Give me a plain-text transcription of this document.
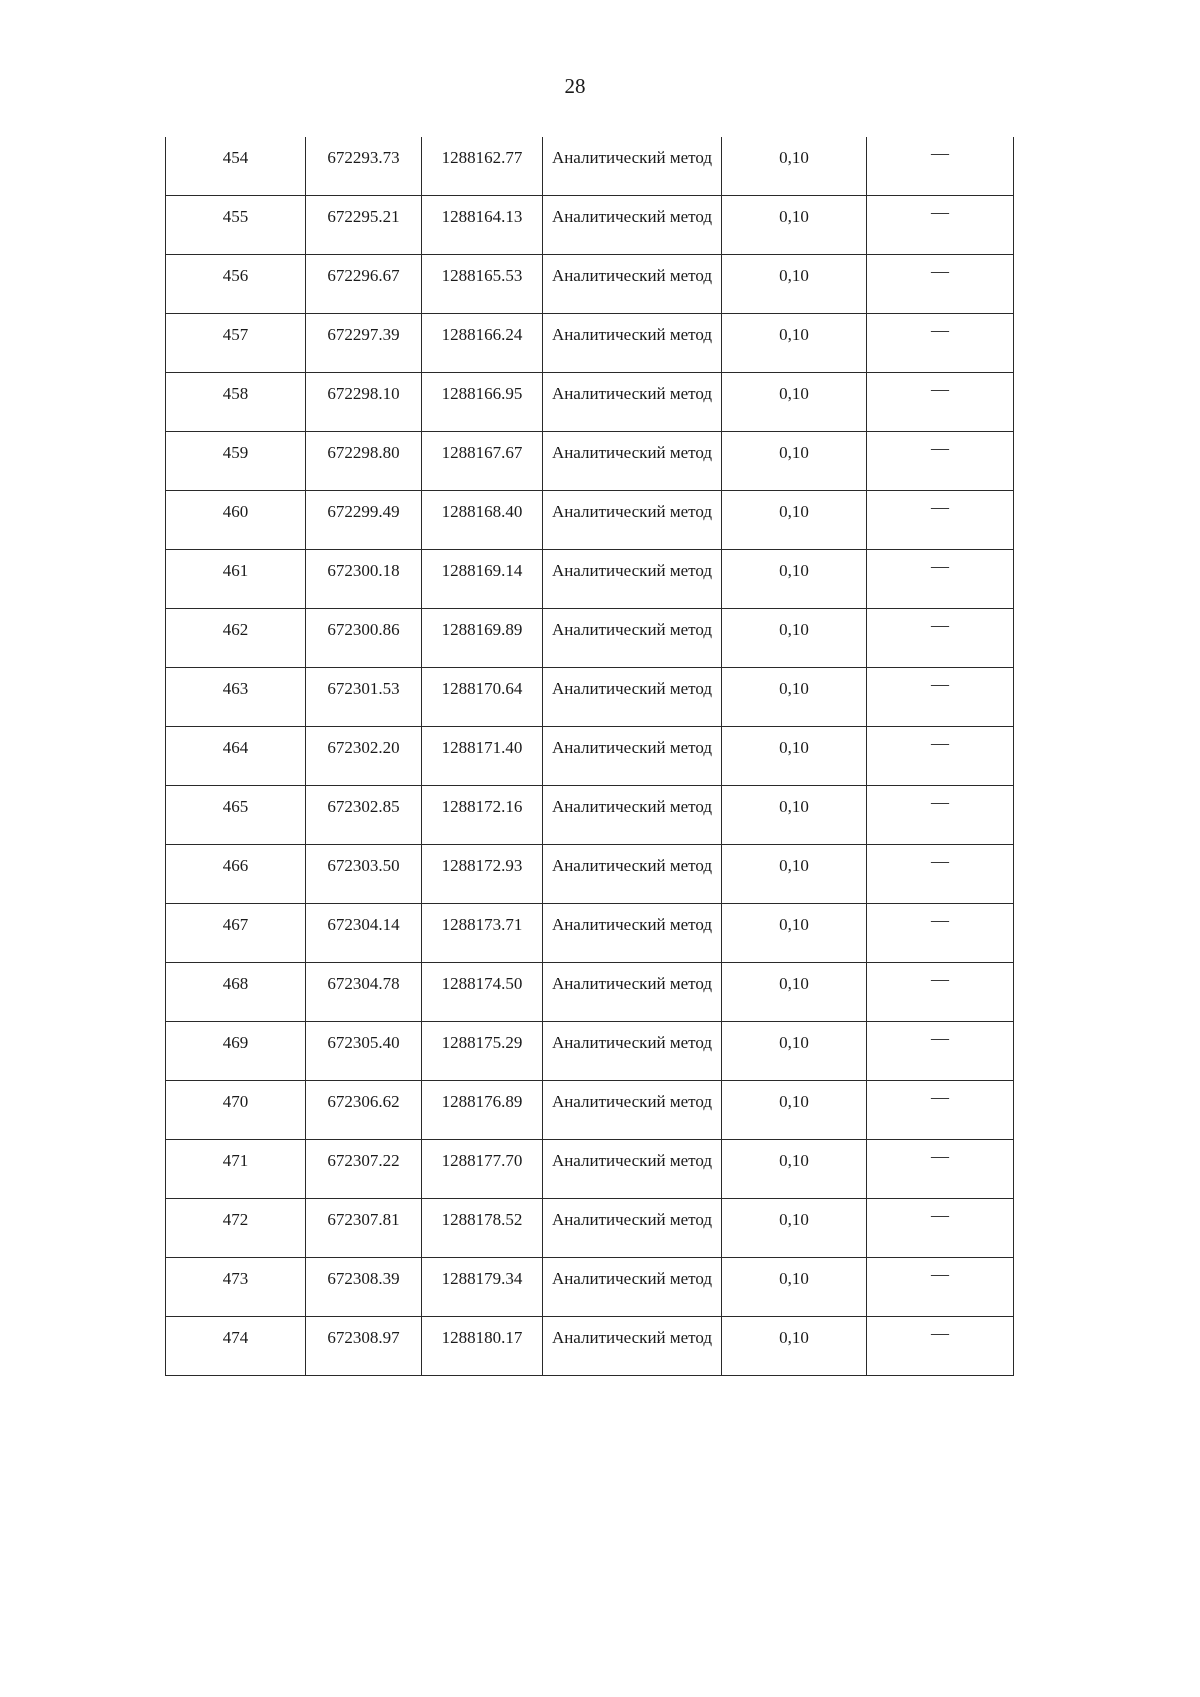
28
454	672293.73	1288162.77	Аналитический метод	0,10	—

455	672295.21	1288164.13	Аналитический метод	0,10	—

456	672296.67	1288165.53	Аналитический метод	0,10	—

457	672297.39	1288166.24	Аналитический метод	0,10	—

458	672298.10	1288166.95	Аналитический метод	0,10	—

459	672298.80	1288167.67	Аналитический метод	0,10	—

460	672299.49	1288168.40	Аналитический метод	0,10	—

461	672300.18	1288169.14	Аналитический метод	0,10	—

462	672300.86	1288169.89	Аналитический метод	0,10	—

463	672301.53	1288170.64	Аналитический метод	0,10	—

464	672302.20	1288171.40	Аналитический метод	0,10	—

465	672302.85	1288172.16	Аналитический метод	0,10	—

466	672303.50	1288172.93	Аналитический метод	0,10	—

467	672304.14	1288173.71	Аналитический метод	0,10	—

468	672304.78	1288174.50	Аналитический метод	0,10	—

469	672305.40	1288175.29	Аналитический метод	0,10	—

470	672306.62	1288176.89	Аналитический метод	0,10	—

471	672307.22	1288177.70	Аналитический метод	0,10	—

472	672307.81	1288178.52	Аналитический метод	0,10	—

473	672308.39	1288179.34	Аналитический метод	0,10	—

474	672308.97	1288180.17	Аналитический метод	0,10	—
